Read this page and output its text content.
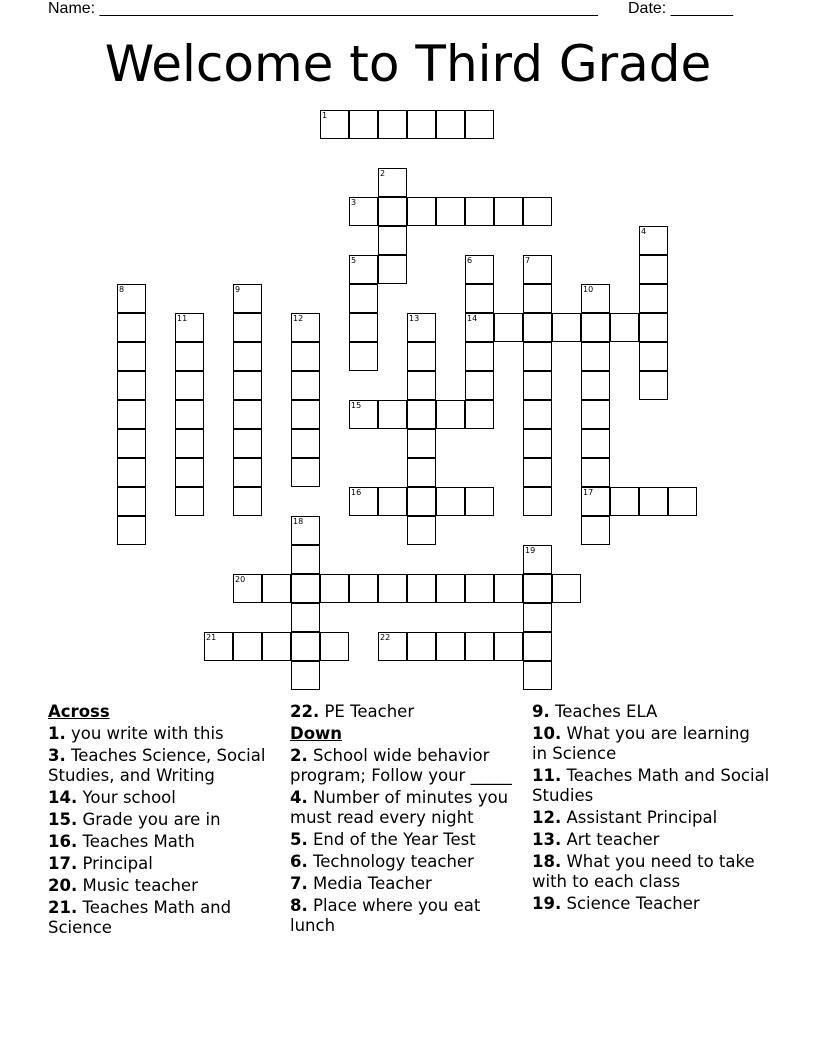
Name: ________________________________________________________ Date: _______
Welcome to Third Grade
1
2
3
4
5	6
14
7
8	9	10
17
11	12	13
15
16
18
19
20
21	22
Across
1. you write with this
3. Teaches Science, Social Studies, and Writing
14. Your school
15. Grade you are in
16. Teaches Math
17. Principal
20. Music teacher
21. Teaches Math and Science
22. PE Teacher
Down
2. School wide behavior program; Follow your _____
4. Number of minutes you must read every night
5. End of the Year Test
6. Technology teacher
7. Media Teacher
8. Place where you eat lunch
9. Teaches ELA
10. What you are learning in Science
11. Teaches Math and Social Studies
12. Assistant Principal
13. Art teacher
18. What you need to take with to each class
19. Science Teacher
